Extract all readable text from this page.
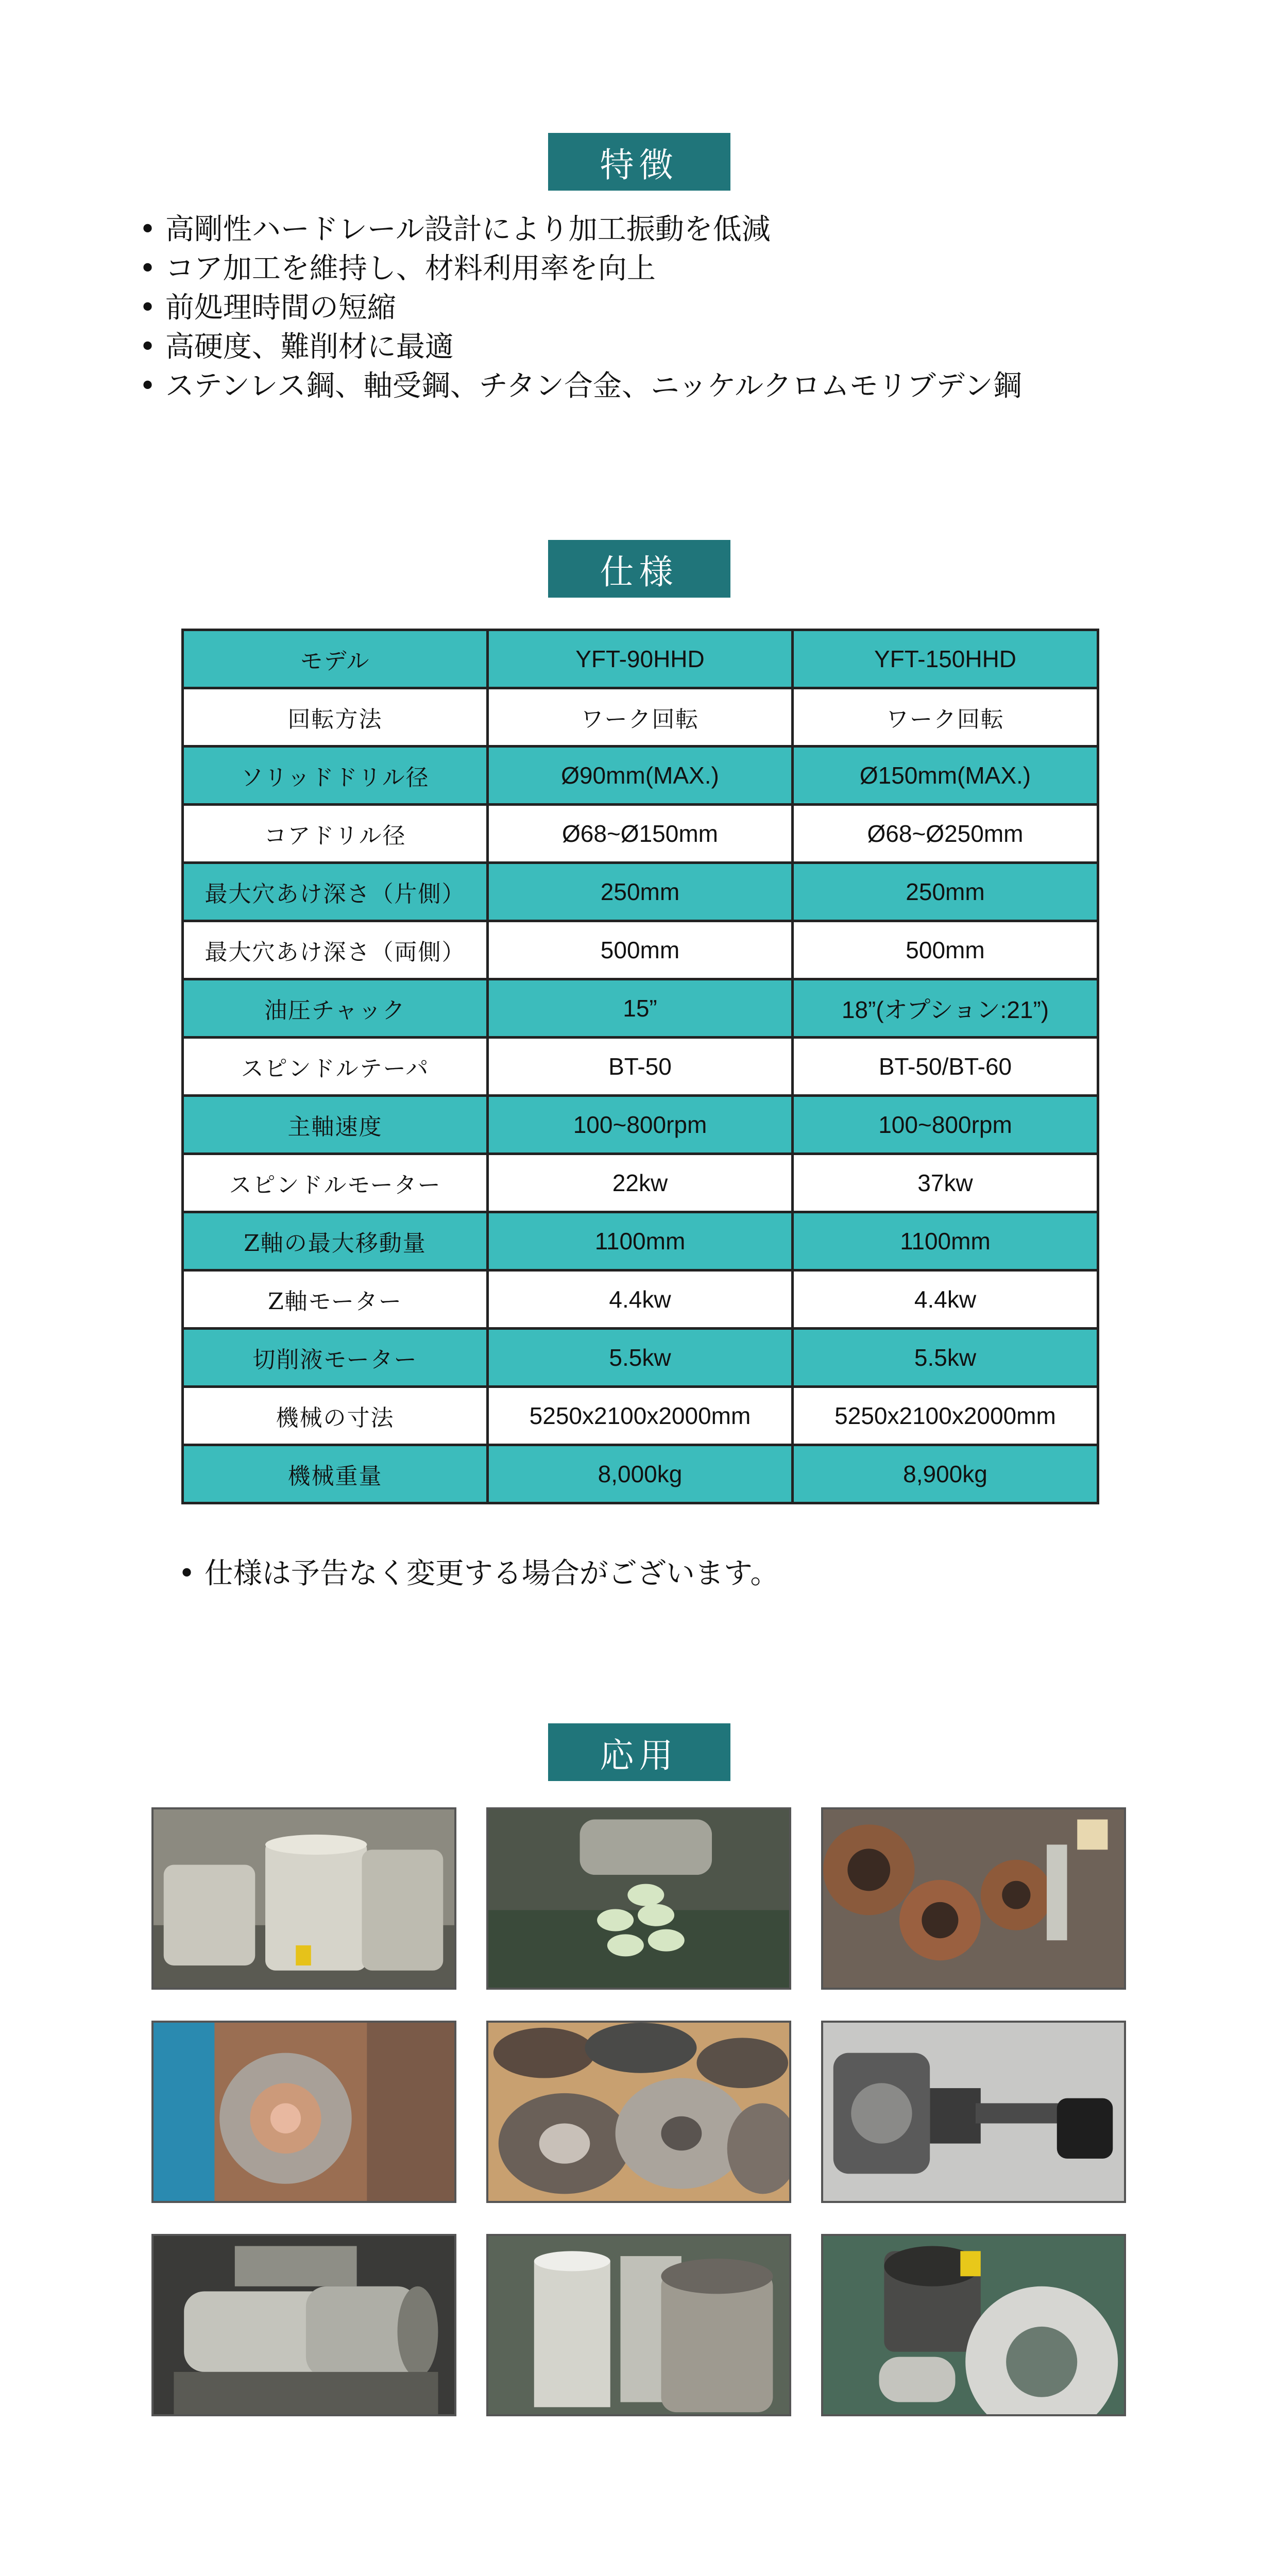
特徴
• 高剛性ハードレール設計により加工振動を低減
• コア加工を維持し、材料利用率を向上
• 前処理時間の短縮
• 高硬度、難削材に最適
• ステンレス鋼、軸受鋼、チタン合金、ニッケルクロムモリブデン鋼
仕様
モデル	YFT-90HHD	YFT-150HHD
回転方法	ワーク回転	ワーク回転
ソリッドドリル径	Ø90mm(MAX.)	Ø150mm(MAX.)
コアドリル径	Ø68~Ø150mm	Ø68~Ø250mm
最大穴あけ深さ（片側）	250mm	250mm
最大穴あけ深さ（両側）	500mm	500mm
油圧チャック	15”	18”(オプション:21”)
スピンドルテーパ	BT-50	BT-50/BT-60
主軸速度	100~800rpm	100~800rpm
スピンドルモーター	22kw	37kw
Z軸の最大移動量	1100mm	1100mm
Z軸モーター	4.4kw	4.4kw
切削液モーター	5.5kw	5.5kw
機械の寸法	5250x2100x2000mm	5250x2100x2000mm
機械重量	8,000kg	8,900kg
• 仕様は予告なく変更する場合がございます。
応用
